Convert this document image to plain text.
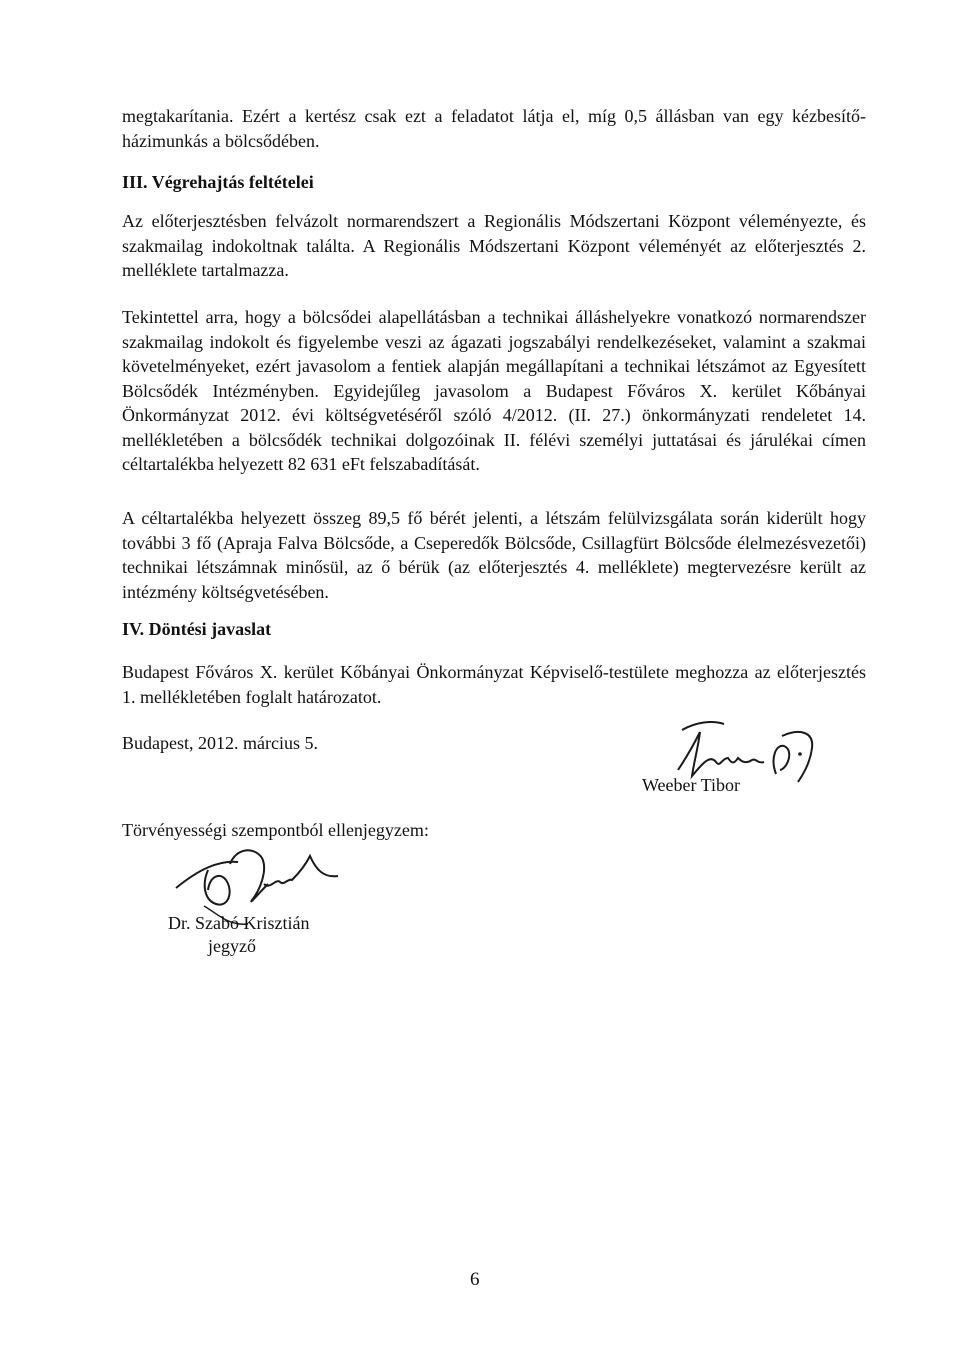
megtakarítania. Ezért a kertész csak ezt a feladatot látja el, míg 0,5 állásban van egy kézbesítő-házimunkás a bölcsődében.

III. Végrehajtás feltételei

Az előterjesztésben felvázolt normarendszert a Regionális Módszertani Központ véleményezte, és szakmailag indokoltnak találta. A Regionális Módszertani Központ véleményét az előterjesztés 2. melléklete tartalmazza.

Tekintettel arra, hogy a bölcsődei alapellátásban a technikai álláshelyekre vonatkozó normarendszer szakmailag indokolt és figyelembe veszi az ágazati jogszabályi rendelkezéseket, valamint a szakmai követelményeket, ezért javasolom a fentiek alapján megállapítani a technikai létszámot az Egyesített Bölcsődék Intézményben. Egyidejűleg javasolom a Budapest Főváros X. kerület Kőbányai Önkormányzat 2012. évi költségvetéséről szóló 4/2012. (II. 27.) önkormányzati rendeletet 14. mellékletében a bölcsődék technikai dolgozóinak II. félévi személyi juttatásai és járulékai címen céltartalékba helyezett 82 631 eFt felszabadítását.

A céltartalékba helyezett összeg 89,5 fő bérét jelenti, a létszám felülvizsgálata során kiderült hogy további 3 fő (Apraja Falva Bölcsőde, a Cseperedők Bölcsőde, Csillagfürt Bölcsőde élelmezésvezetői) technikai létszámnak minősül, az ő bérük (az előterjesztés 4. melléklete) megtervezésre került az intézmény költségvetésében.

IV. Döntési javaslat

Budapest Főváros X. kerület Kőbányai Önkormányzat Képviselő-testülete meghozza az előterjesztés 1. mellékletében foglalt határozatot.

Budapest, 2012. március 5.

Weeber Tibor

Törvényességi szempontból ellenjegyzem:

Dr. Szabó Krisztián

jegyző

6
